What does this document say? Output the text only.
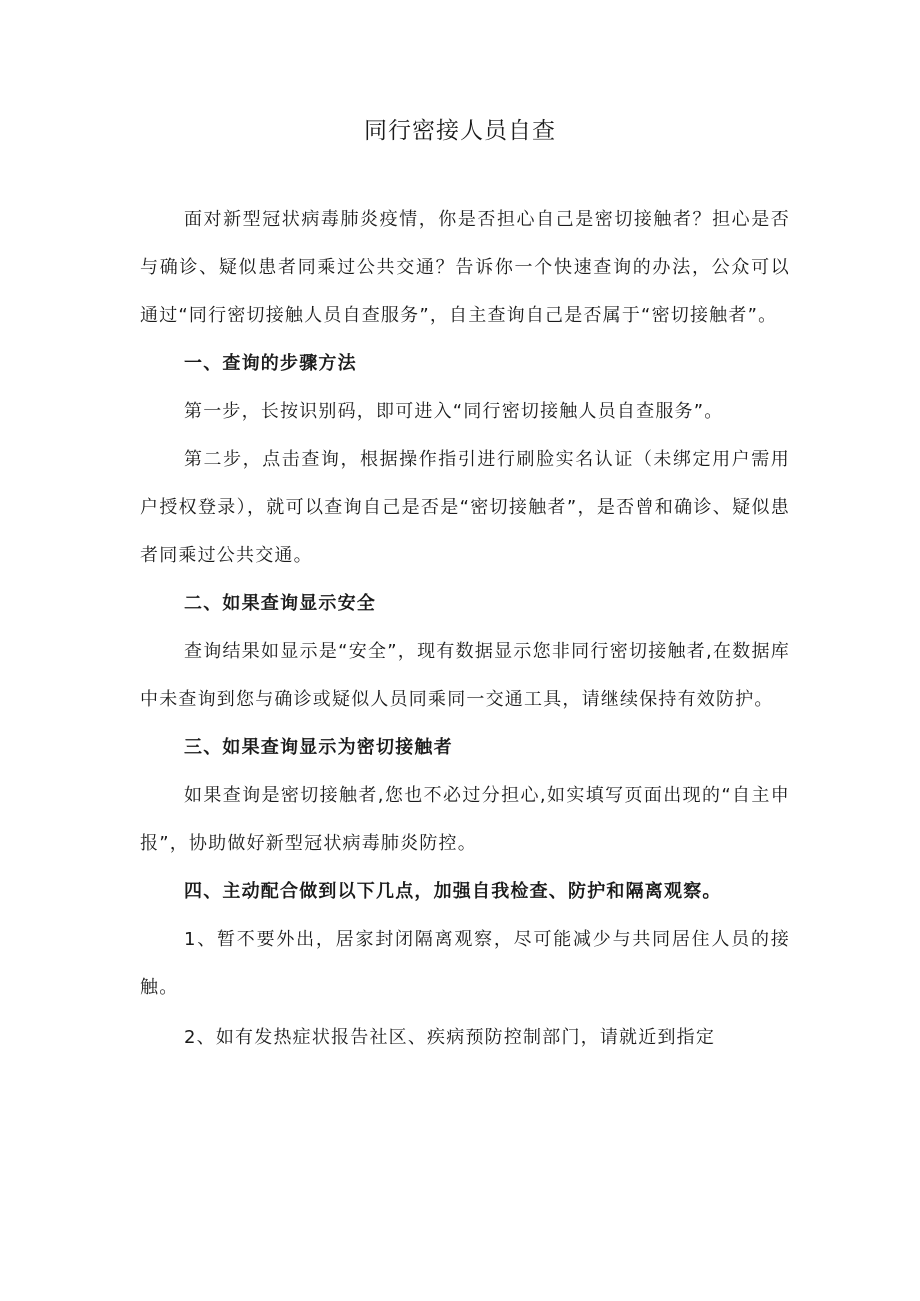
同行密接人员自查

面对新型冠状病毒肺炎疫情，你是否担心自己是密切接触者？担心是否与确诊、疑似患者同乘过公共交通？告诉你一个快速查询的办法，公众可以通过“同行密切接触人员自查服务”，自主查询自己是否属于“密切接触者”。

一、查询的步骤方法

第一步，长按识别码，即可进入“同行密切接触人员自查服务”。

第二步，点击查询，根据操作指引进行刷脸实名认证（未绑定用户需用户授权登录），就可以查询自己是否是“密切接触者”，是否曾和确诊、疑似患者同乘过公共交通。

二、如果查询显示安全

查询结果如显示是“安全”，现有数据显示您非同行密切接触者,在数据库中未查询到您与确诊或疑似人员同乘同一交通工具，请继续保持有效防护。

三、如果查询显示为密切接触者

如果查询是密切接触者,您也不必过分担心,如实填写页面出现的“自主申报”，协助做好新型冠状病毒肺炎防控。

四、主动配合做到以下几点，加强自我检查、防护和隔离观察。

1、暂不要外出，居家封闭隔离观察，尽可能减少与共同居住人员的接触。

2、如有发热症状报告社区、疾病预防控制部门，请就近到指定
